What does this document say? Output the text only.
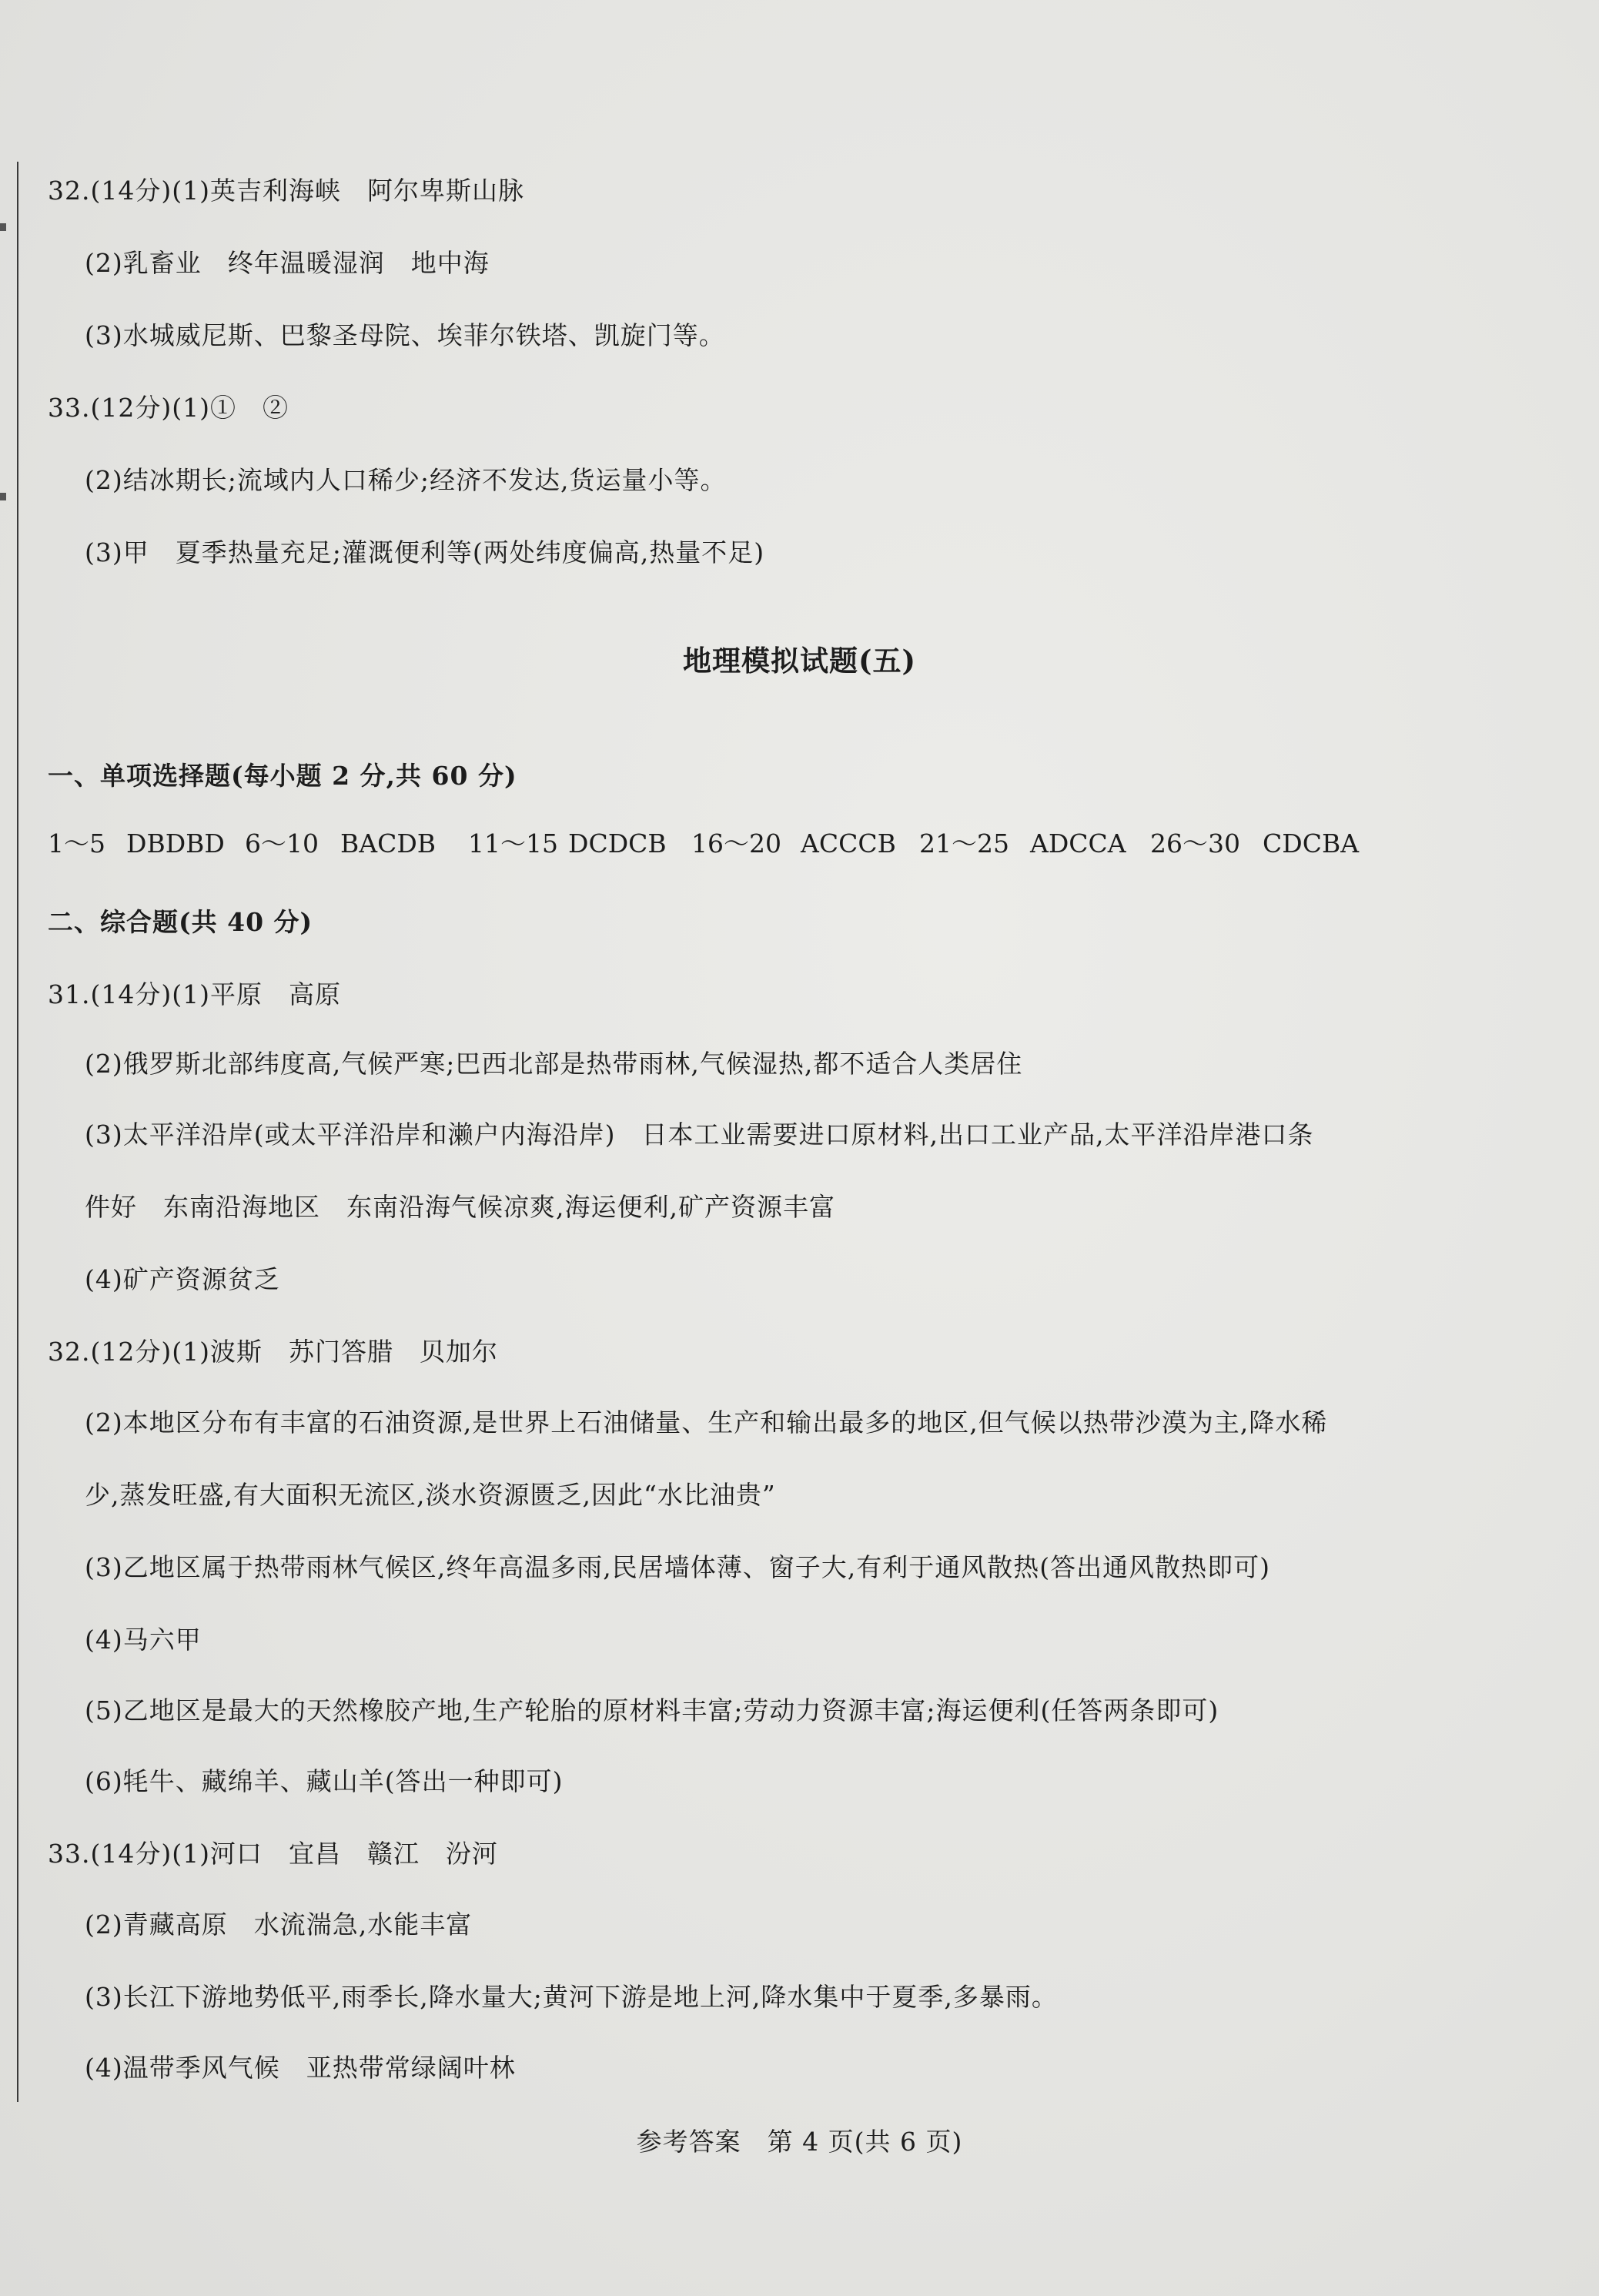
32.(14分)(1)英吉利海峡　阿尔卑斯山脉
(2)乳畜业　终年温暖湿润　地中海
(3)水城威尼斯、巴黎圣母院、埃菲尔铁塔、凯旋门等。
33.(12分)(1)①　②
(2)结冰期长;流域内人口稀少;经济不发达,货运量小等。
(3)甲　夏季热量充足;灌溉便利等(两处纬度偏高,热量不足)
地理模拟试题(五)
一、单项选择题(每小题 2 分,共 60 分)
1～5 DBDBD 6～10 BACDB 11～15 DCDCB 16～20 ACCCB 21～25 ADCCA 26～30 CDCBA
二、综合题(共 40 分)
31.(14分)(1)平原　高原
(2)俄罗斯北部纬度高,气候严寒;巴西北部是热带雨林,气候湿热,都不适合人类居住
(3)太平洋沿岸(或太平洋沿岸和濑户内海沿岸)　日本工业需要进口原材料,出口工业产品,太平洋沿岸港口条
件好　东南沿海地区　东南沿海气候凉爽,海运便利,矿产资源丰富
(4)矿产资源贫乏
32.(12分)(1)波斯　苏门答腊　贝加尔
(2)本地区分布有丰富的石油资源,是世界上石油储量、生产和输出最多的地区,但气候以热带沙漠为主,降水稀
少,蒸发旺盛,有大面积无流区,淡水资源匮乏,因此“水比油贵”
(3)乙地区属于热带雨林气候区,终年高温多雨,民居墙体薄、窗子大,有利于通风散热(答出通风散热即可)
(4)马六甲
(5)乙地区是最大的天然橡胶产地,生产轮胎的原材料丰富;劳动力资源丰富;海运便利(任答两条即可)
(6)牦牛、藏绵羊、藏山羊(答出一种即可)
33.(14分)(1)河口　宜昌　赣江　汾河
(2)青藏高原　水流湍急,水能丰富
(3)长江下游地势低平,雨季长,降水量大;黄河下游是地上河,降水集中于夏季,多暴雨。
(4)温带季风气候　亚热带常绿阔叶林
参考答案　第 4 页(共 6 页)
